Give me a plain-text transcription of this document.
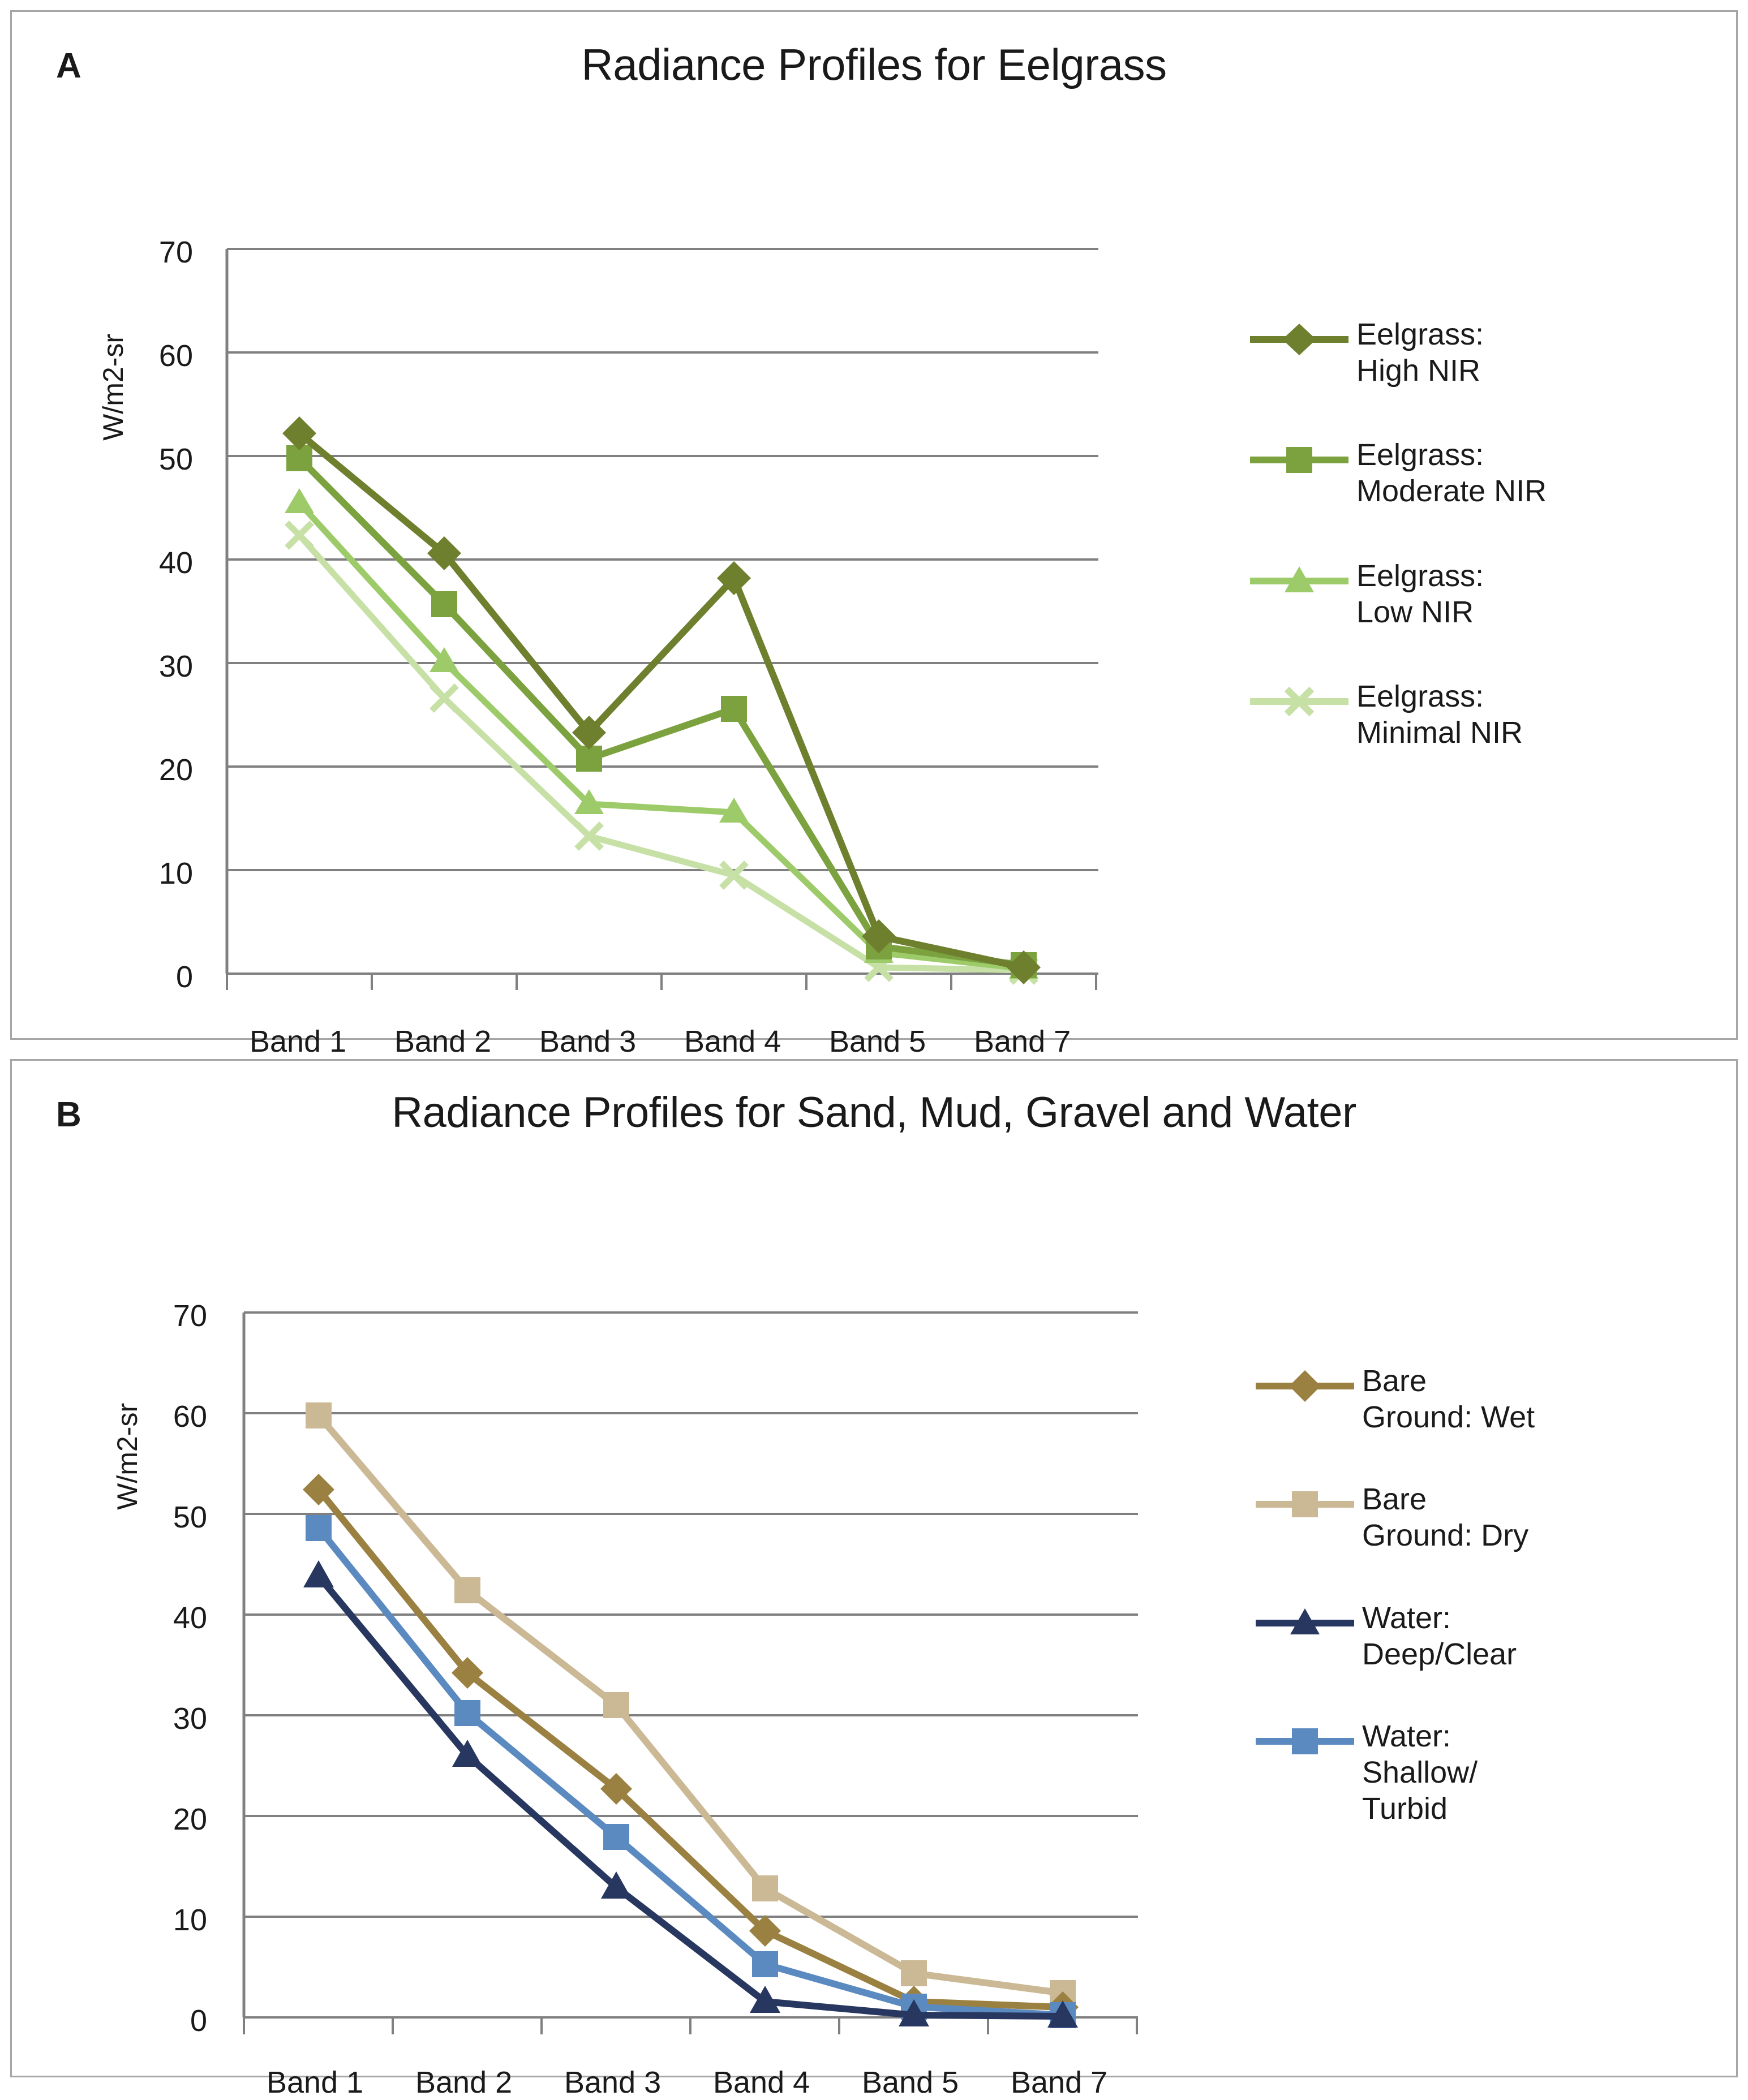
A	Radiance Profiles for Eelgrass
W/m2-sr
70
60
50
40
30
20
10
0
Band 1 Band 2 Band 3 Band 4 Band 5 Band 7
Eelgrass:
High NIR
Eelgrass:
Moderate NIR
Eelgrass:
Low NIR
Eelgrass:
Minimal NIR
B	Radiance Profiles for Sand, Mud, Gravel and Water
W/m2-sr
70
60
50
40
30
20
10
0
Band 1 Band 2 Band 3 Band 4 Band 5 Band 7
Bare
Ground: Wet
Bare
Ground: Dry
Water:
Deep/Clear
Water:
Shallow/
Turbid
